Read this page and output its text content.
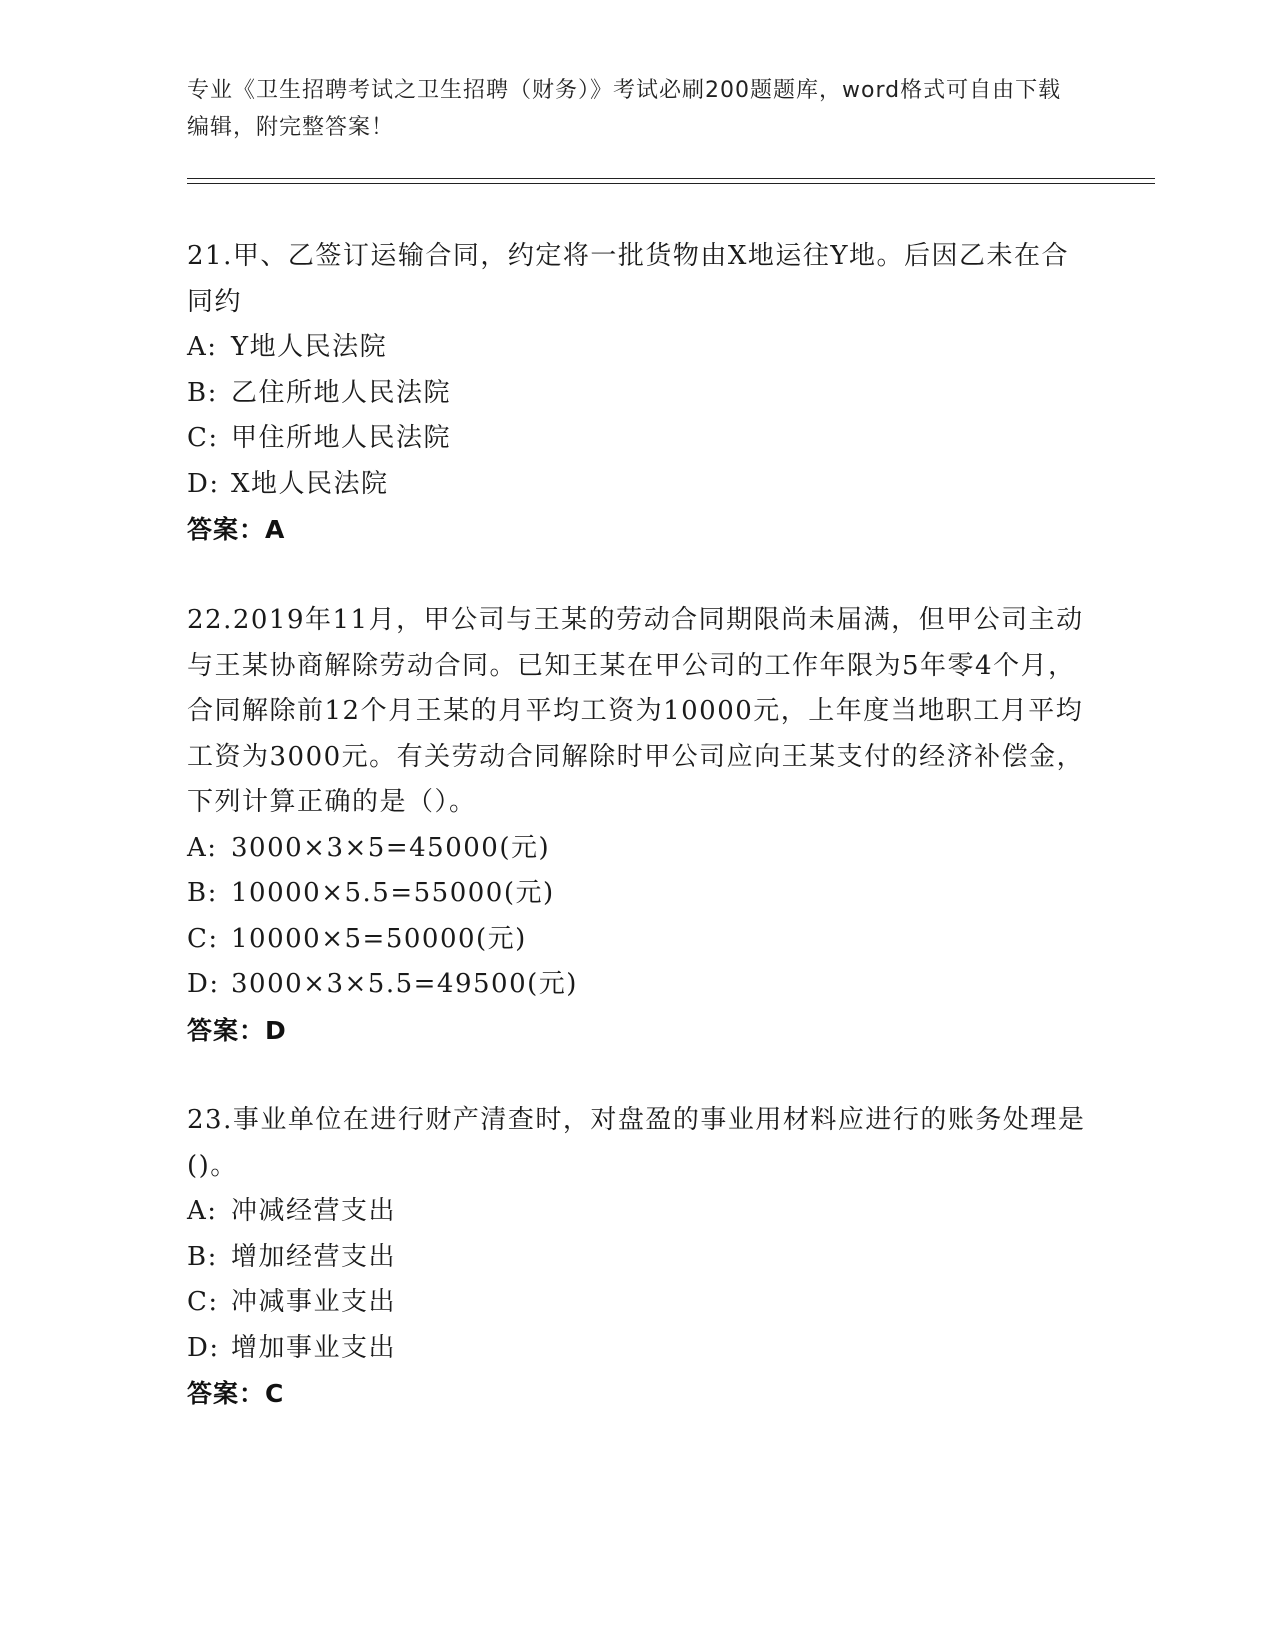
专业《卫生招聘考试之卫生招聘（财务）》考试必刷200题题库，word格式可自由下载编辑，附完整答案！

21.甲、乙签订运输合同，约定将一批货物由X地运往Y地。后因乙未在合同约

A: Y地人民法院

B: 乙住所地人民法院

C: 甲住所地人民法院

D: X地人民法院

答案：A

22.2019年11月，甲公司与王某的劳动合同期限尚未届满，但甲公司主动与王某协商解除劳动合同。已知王某在甲公司的工作年限为5年零4个月，合同解除前12个月王某的月平均工资为10000元，上年度当地职工月平均工资为3000元。有关劳动合同解除时甲公司应向王某支付的经济补偿金，下列计算正确的是（）。

A: 3000×3×5=45000(元)

B: 10000×5.5=55000(元)

C: 10000×5=50000(元)

D: 3000×3×5.5=49500(元)

答案：D

23.事业单位在进行财产清查时，对盘盈的事业用材料应进行的账务处理是()。

A: 冲减经营支出

B: 增加经营支出

C: 冲减事业支出

D: 增加事业支出

答案：C
